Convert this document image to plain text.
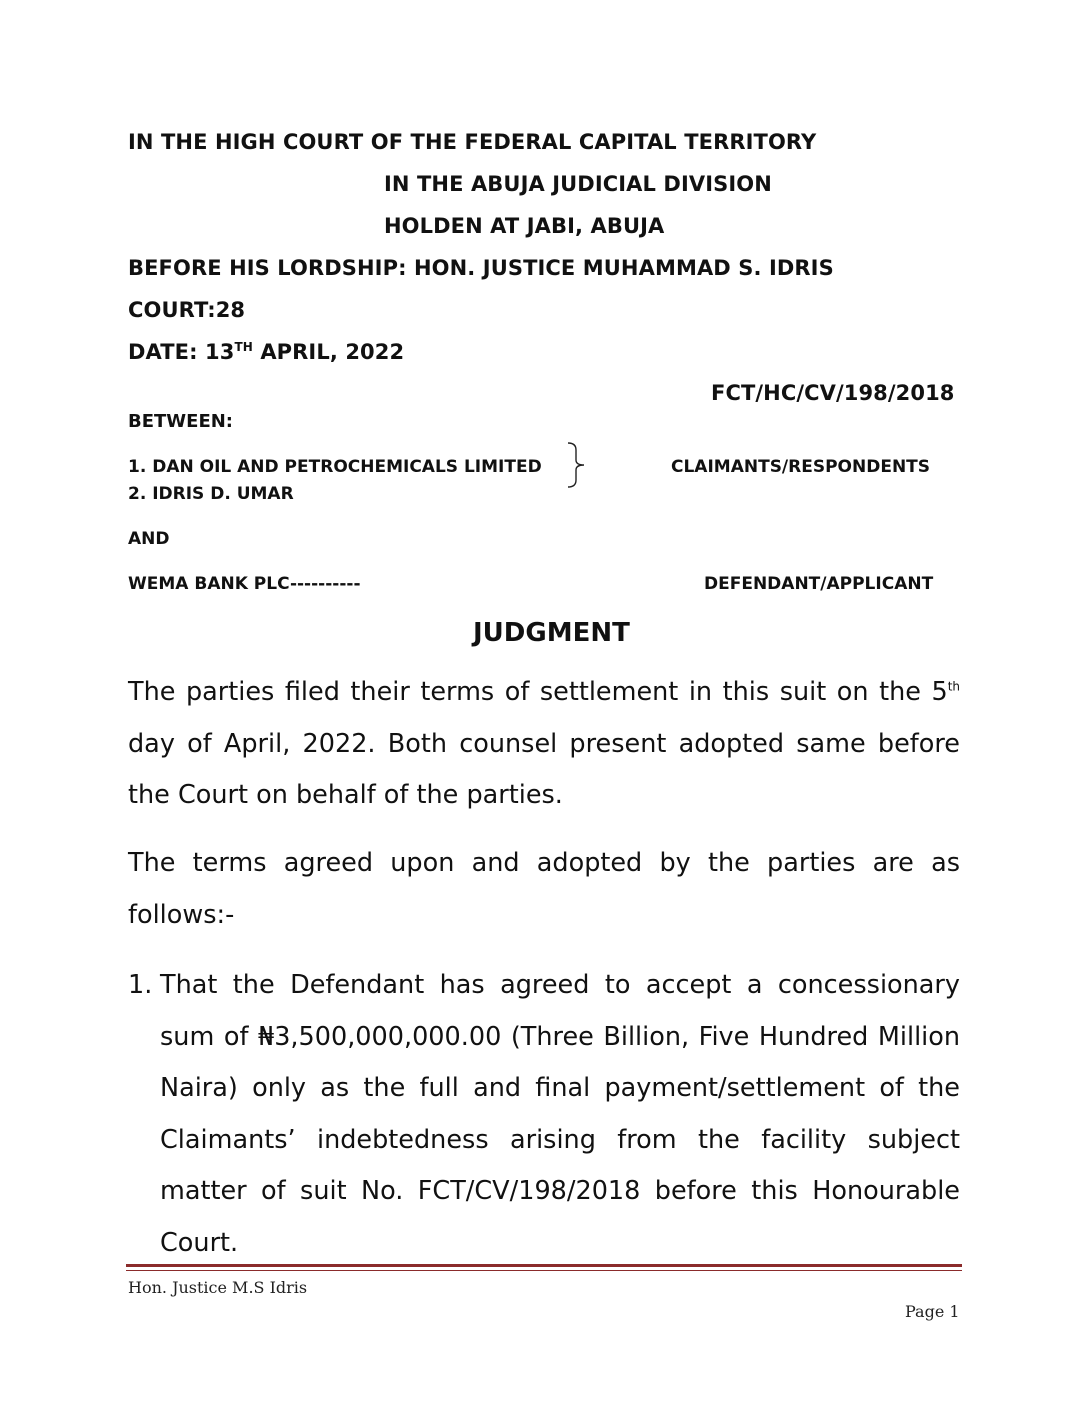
IN THE HIGH COURT OF THE FEDERAL CAPITAL TERRITORY
IN THE ABUJA JUDICIAL DIVISION
HOLDEN AT JABI, ABUJA
BEFORE HIS LORDSHIP: HON. JUSTICE MUHAMMAD S. IDRIS
COURT:28
DATE: 13TH APRIL, 2022
FCT/HC/CV/198/2018
BETWEEN:
1. DAN OIL AND PETROCHEMICALS LIMITED
2. IDRIS D. UMAR
CLAIMANTS/RESPONDENTS
AND
WEMA BANK PLC----------	DEFENDANT/APPLICANT
JUDGMENT

The parties filed their terms of settlement in this suit on the 5th day of April, 2022. Both counsel present adopted same before the Court on behalf of the parties.

The terms agreed upon and adopted by the parties are as follows:-

1. That the Defendant has agreed to accept a concessionary sum of ₦3,500,000,000.00 (Three Billion, Five Hundred Million Naira) only as the full and final payment/settlement of the Claimants’ indebtedness arising from the facility subject matter of suit No. FCT/CV/198/2018 before this Honourable Court.

Hon. Justice M.S Idris
Page 1
